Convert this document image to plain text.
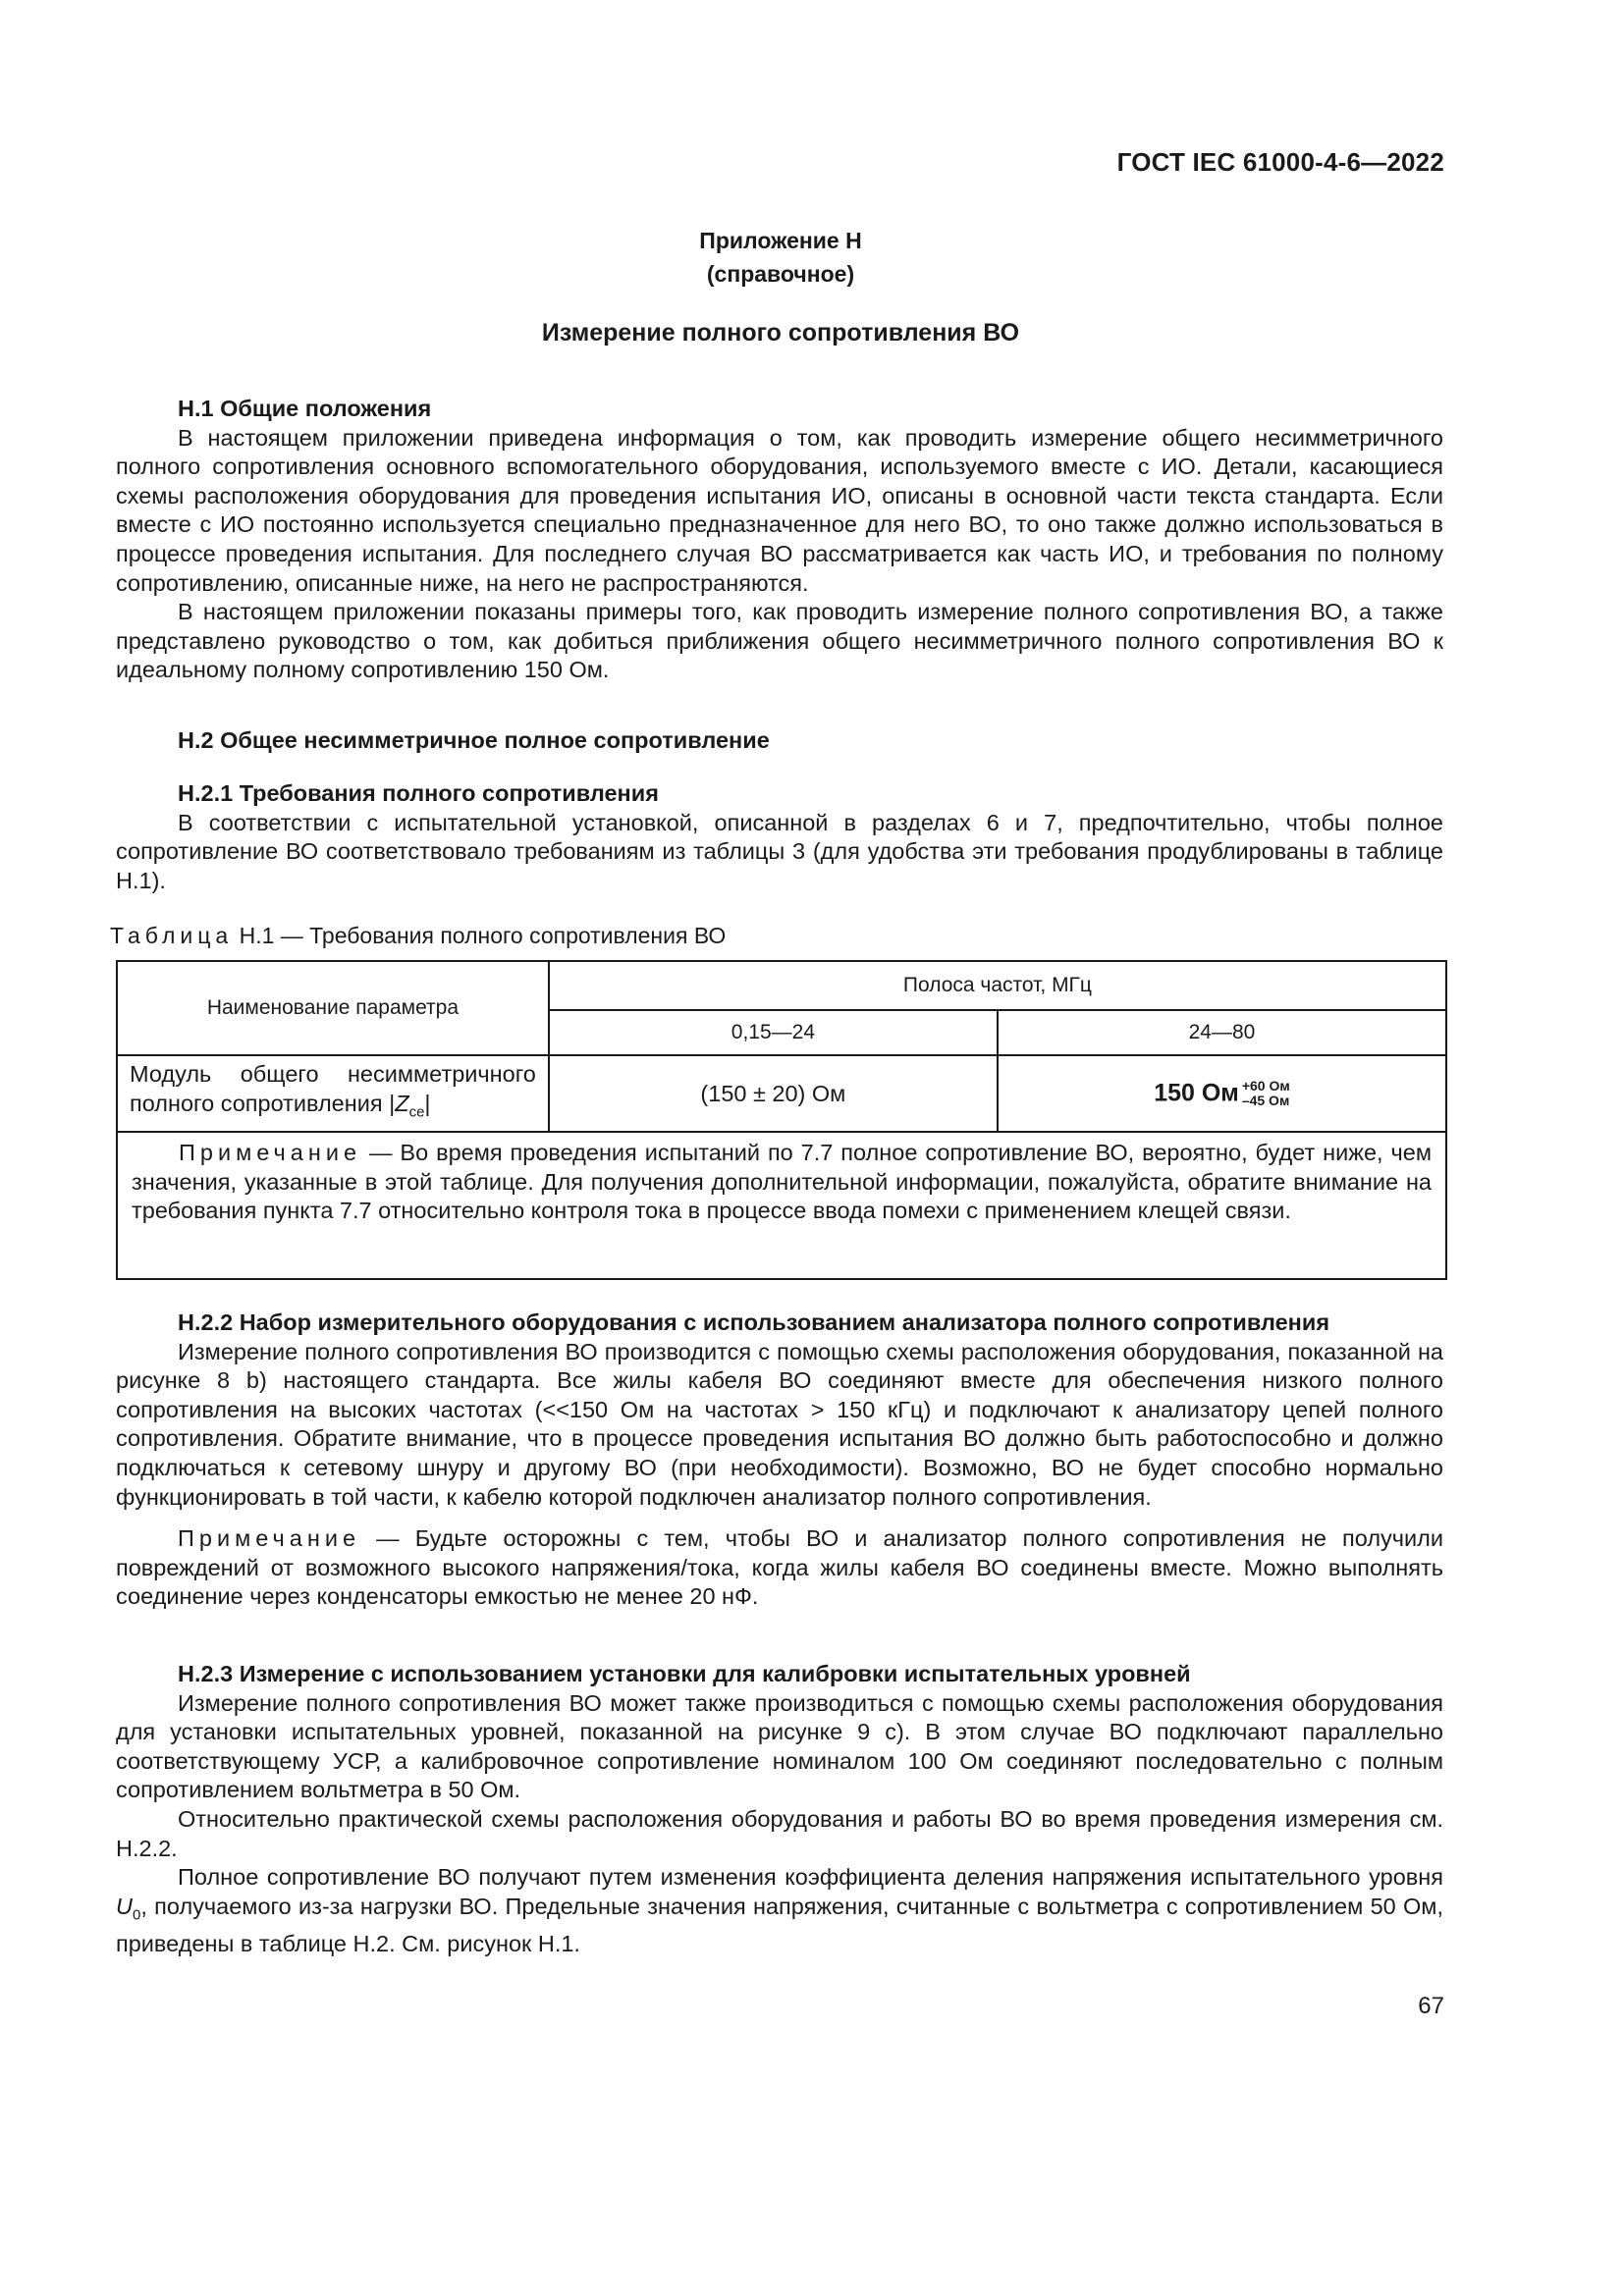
ГОСТ IEC 61000-4-6—2022
Приложение Н
(справочное)
Измерение полного сопротивления ВО
Н.1 Общие положения

В настоящем приложении приведена информация о том, как проводить измерение общего несимметричного полного сопротивления основного вспомогательного оборудования, используемого вместе с ИО. Детали, касающиеся схемы расположения оборудования для проведения испытания ИО, описаны в основной части текста стандарта. Если вместе с ИО постоянно используется специально предназначенное для него ВО, то оно также должно использоваться в процессе проведения испытания. Для последнего случая ВО рассматривается как часть ИО, и требования по полному сопротивлению, описанные ниже, на него не распространяются.

В настоящем приложении показаны примеры того, как проводить измерение полного сопротивления ВО, а также представлено руководство о том, как добиться приближения общего несимметричного полного сопротивления ВО к идеальному полному сопротивлению 150 Ом.

Н.2 Общее несимметричное полное сопротивление
Н.2.1 Требования полного сопротивления

В соответствии с испытательной установкой, описанной в разделах 6 и 7, предпочтительно, чтобы полное сопротивление ВО соответствовало требованиям из таблицы 3 (для удобства эти требования продублированы в таблице Н.1).

Таблица Н.1 — Требования полного сопротивления ВО
Наименование параметра	Полоса частот, МГц	
	0,15—24	24—80
Модуль общего несимметричного полного сопротивления $|Z_{ce}|$	(150 ± 20) Ом	150 Ом +60 Ом
–45 Ом
Примечание — Во время проведения испытаний по 7.7 полное сопротивление ВО, вероятно, будет ниже, чем значения, указанные в этой таблице. Для получения дополнительной информации, пожалуйста, обратите внимание на требования пункта 7.7 относительно контроля тока в процессе ввода помехи с применением клещей связи.		
Н.2.2 Набор измерительного оборудования с использованием анализатора полного сопротивления

Измерение полного сопротивления ВО производится с помощью схемы расположения оборудования, показанной на рисунке 8 b) настоящего стандарта. Все жилы кабеля ВО соединяют вместе для обеспечения низкого полного сопротивления на высоких частотах (<<150 Ом на частотах > 150 кГц) и подключают к анализатору цепей полного сопротивления. Обратите внимание, что в процессе проведения испытания ВО должно быть работоспособно и должно подключаться к сетевому шнуру и другому ВО (при необходимости). Возможно, ВО не будет способно нормально функционировать в той части, к кабелю которой подключен анализатор полного сопротивления.

Примечание — Будьте осторожны с тем, чтобы ВО и анализатор полного сопротивления не получили повреждений от возможного высокого напряжения/тока, когда жилы кабеля ВО соединены вместе. Можно выполнять соединение через конденсаторы емкостью не менее 20 нФ.

Н.2.3 Измерение с использованием установки для калибровки испытательных уровней

Измерение полного сопротивления ВО может также производиться с помощью схемы расположения оборудования для установки испытательных уровней, показанной на рисунке 9 с). В этом случае ВО подключают параллельно соответствующему УСР, а калибровочное сопротивление номиналом 100 Ом соединяют последовательно с полным сопротивлением вольтметра в 50 Ом.

Относительно практической схемы расположения оборудования и работы ВО во время проведения измерения см. Н.2.2.

Полное сопротивление ВО получают путем изменения коэффициента деления напряжения испытательного уровня $U_0$, получаемого из-за нагрузки ВО. Предельные значения напряжения, считанные с вольтметра с сопротивлением 50 Ом, приведены в таблице Н.2. См. рисунок Н.1.

67
